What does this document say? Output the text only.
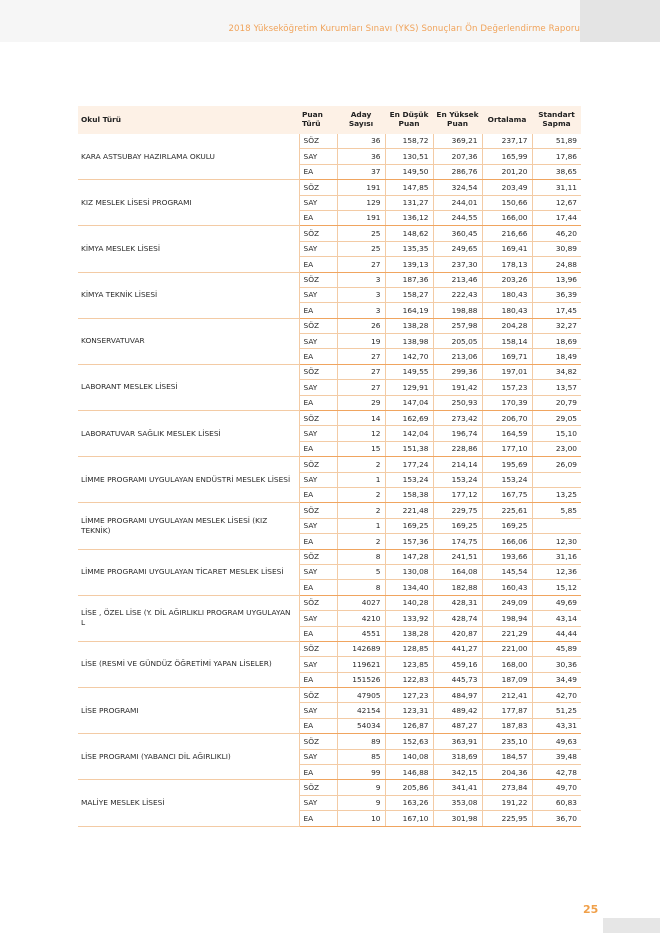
2018 Yükseköğretim Kurumları Sınavı (YKS) Sonuçları Ön Değerlendirme Raporu
Okul Türü	Puan Türü	Aday Sayısı	En Düşük Puan	En Yüksek Puan	Ortalama	Standart Sapma
KARA ASTSUBAY HAZIRLAMA OKULU	SÖZ	36	158,72	369,21	237,17	51,89
	SAY	36	130,51	207,36	165,99	17,86
	EA	37	149,50	286,76	201,20	38,65
KIZ MESLEK LİSESİ PROGRAMI	SÖZ	191	147,85	324,54	203,49	31,11
	SAY	129	131,27	244,01	150,66	12,67
	EA	191	136,12	244,55	166,00	17,44
KİMYA MESLEK LİSESİ	SÖZ	25	148,62	360,45	216,66	46,20
	SAY	25	135,35	249,65	169,41	30,89
	EA	27	139,13	237,30	178,13	24,88
KİMYA TEKNİK LİSESİ	SÖZ	3	187,36	213,46	203,26	13,96
	SAY	3	158,27	222,43	180,43	36,39
	EA	3	164,19	198,88	180,43	17,45
KONSERVATUVAR	SÖZ	26	138,28	257,98	204,28	32,27
	SAY	19	138,98	205,05	158,14	18,69
	EA	27	142,70	213,06	169,71	18,49
LABORANT MESLEK LİSESİ	SÖZ	27	149,55	299,36	197,01	34,82
	SAY	27	129,91	191,42	157,23	13,57
	EA	29	147,04	250,93	170,39	20,79
LABORATUVAR SAĞLIK MESLEK LİSESİ	SÖZ	14	162,69	273,42	206,70	29,05
	SAY	12	142,04	196,74	164,59	15,10
	EA	15	151,38	228,86	177,10	23,00
LİMME PROGRAMI UYGULAYAN ENDÜSTRİ MESLEK LİSESİ	SÖZ	2	177,24	214,14	195,69	26,09
	SAY	1	153,24	153,24	153,24	
	EA	2	158,38	177,12	167,75	13,25
LİMME PROGRAMI UYGULAYAN MESLEK LİSESİ (KIZ TEKNİK)	SÖZ	2	221,48	229,75	225,61	5,85
	SAY	1	169,25	169,25	169,25	
	EA	2	157,36	174,75	166,06	12,30
LİMME PROGRAMI UYGULAYAN TİCARET MESLEK LİSESİ	SÖZ	8	147,28	241,51	193,66	31,16
	SAY	5	130,08	164,08	145,54	12,36
	EA	8	134,40	182,88	160,43	15,12
LİSE , ÖZEL LİSE (Y. DİL AĞIRLIKLI PROGRAM UYGULAYAN L	SÖZ	4027	140,28	428,31	249,09	49,69
	SAY	4210	133,92	428,74	198,94	43,14
	EA	4551	138,28	420,87	221,29	44,44
LİSE (RESMİ VE GÜNDÜZ ÖĞRETİMİ YAPAN LİSELER)	SÖZ	142689	128,85	441,27	221,00	45,89
	SAY	119621	123,85	459,16	168,00	30,36
	EA	151526	122,83	445,73	187,09	34,49
LİSE PROGRAMI	SÖZ	47905	127,23	484,97	212,41	42,70
	SAY	42154	123,31	489,42	177,87	51,25
	EA	54034	126,87	487,27	187,83	43,31
LİSE PROGRAMI (YABANCI DİL AĞIRLIKLI)	SÖZ	89	152,63	363,91	235,10	49,63
	SAY	85	140,08	318,69	184,57	39,48
	EA	99	146,88	342,15	204,36	42,78
MALİYE MESLEK LİSESİ	SÖZ	9	205,86	341,41	273,84	49,70
	SAY	9	163,26	353,08	191,22	60,83
	EA	10	167,10	301,98	225,95	36,70
25
